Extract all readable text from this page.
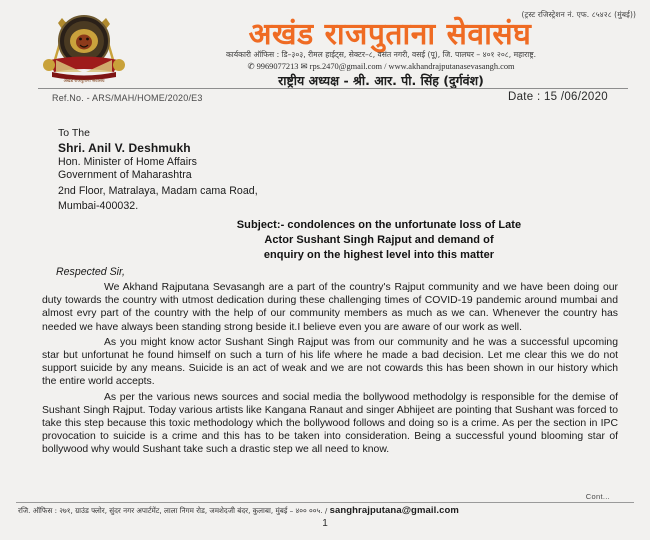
(ट्रस्ट रजिस्ट्रेशन नं. एफ. ८५४२८ (मुंबई))
अखंड राजपुताना सेवासंघ
अखंड राजपुताना सेवासंघ
कार्यकारी ऑफिस : डि–३०३, रीमल हाईट्स, सेक्टर–८, वसंत नगरी, वसई (पू), जि. पालघर – ४०१ २०८, महाराष्ट्र.
✆ 9969077213 ✉ rps.2470@gmail.com / www.akhandrajputanasevasangh.com
राष्ट्रीय अध्यक्ष - श्री. आर. पी. सिंह (दुर्गवंश)
Ref.No. - ARS/MAH/HOME/2020/E3	Date : 15 /06/2020
To The
Shri. Anil V. Deshmukh
Hon. Minister of Home Affairs
Government of Maharashtra
2nd Floor, Matralaya, Madam cama Road,
Mumbai-400032.
Subject:- condolences on the unfortunate loss of Late
Actor Sushant Singh Rajput and demand of
enquiry on the highest level into this matter
Respected Sir,

We Akhand Rajputana Sevasangh are a part of the country's Rajput community and we have been doing our duty towards the country with utmost dedication during these challenging times of COVID-19 pandemic around mumbai and almost evry part of the country with the help of our community members as much as we can. Whenever the country has needed we have always been standing strong beside it.I believe even you are aware of our work as well.

As you might know actor Sushant Singh Rajput was from our community and he was a successful upcoming star but unfortunat he found himself on such a turn of his life where he made a bad decision. Let me clear this we do not support suicide by any means. Suicide is an act of weak and we are not cowards this has been shown in our history which the entire world accepts.

As per the various news sources and social media the bollywood methodolgy is responsible for the demise of Sushant Singh Rajput. Today various artists like Kangana Ranaut and singer Abhijeet are pointing that Sushant was forced to take this step because this toxic methodology which the bollywood follows and doing so is a crime. As per the section in IPC provocation to suicide is a crime and this has to be taken into consideration. Being a successful yound blooming star of bollywood why would Sushant take such a drastic step we all need to know.

Cont...
रजि. ऑफिस : २७१, ग्राउंड फ्लोर, सुंदर नगर अपार्टमेंट, लाला निगम रोड, जमशेदजी बंदर, कुलाबा, मुंबई – ४०० ००५. / sanghrajputana@gmail.com
1
